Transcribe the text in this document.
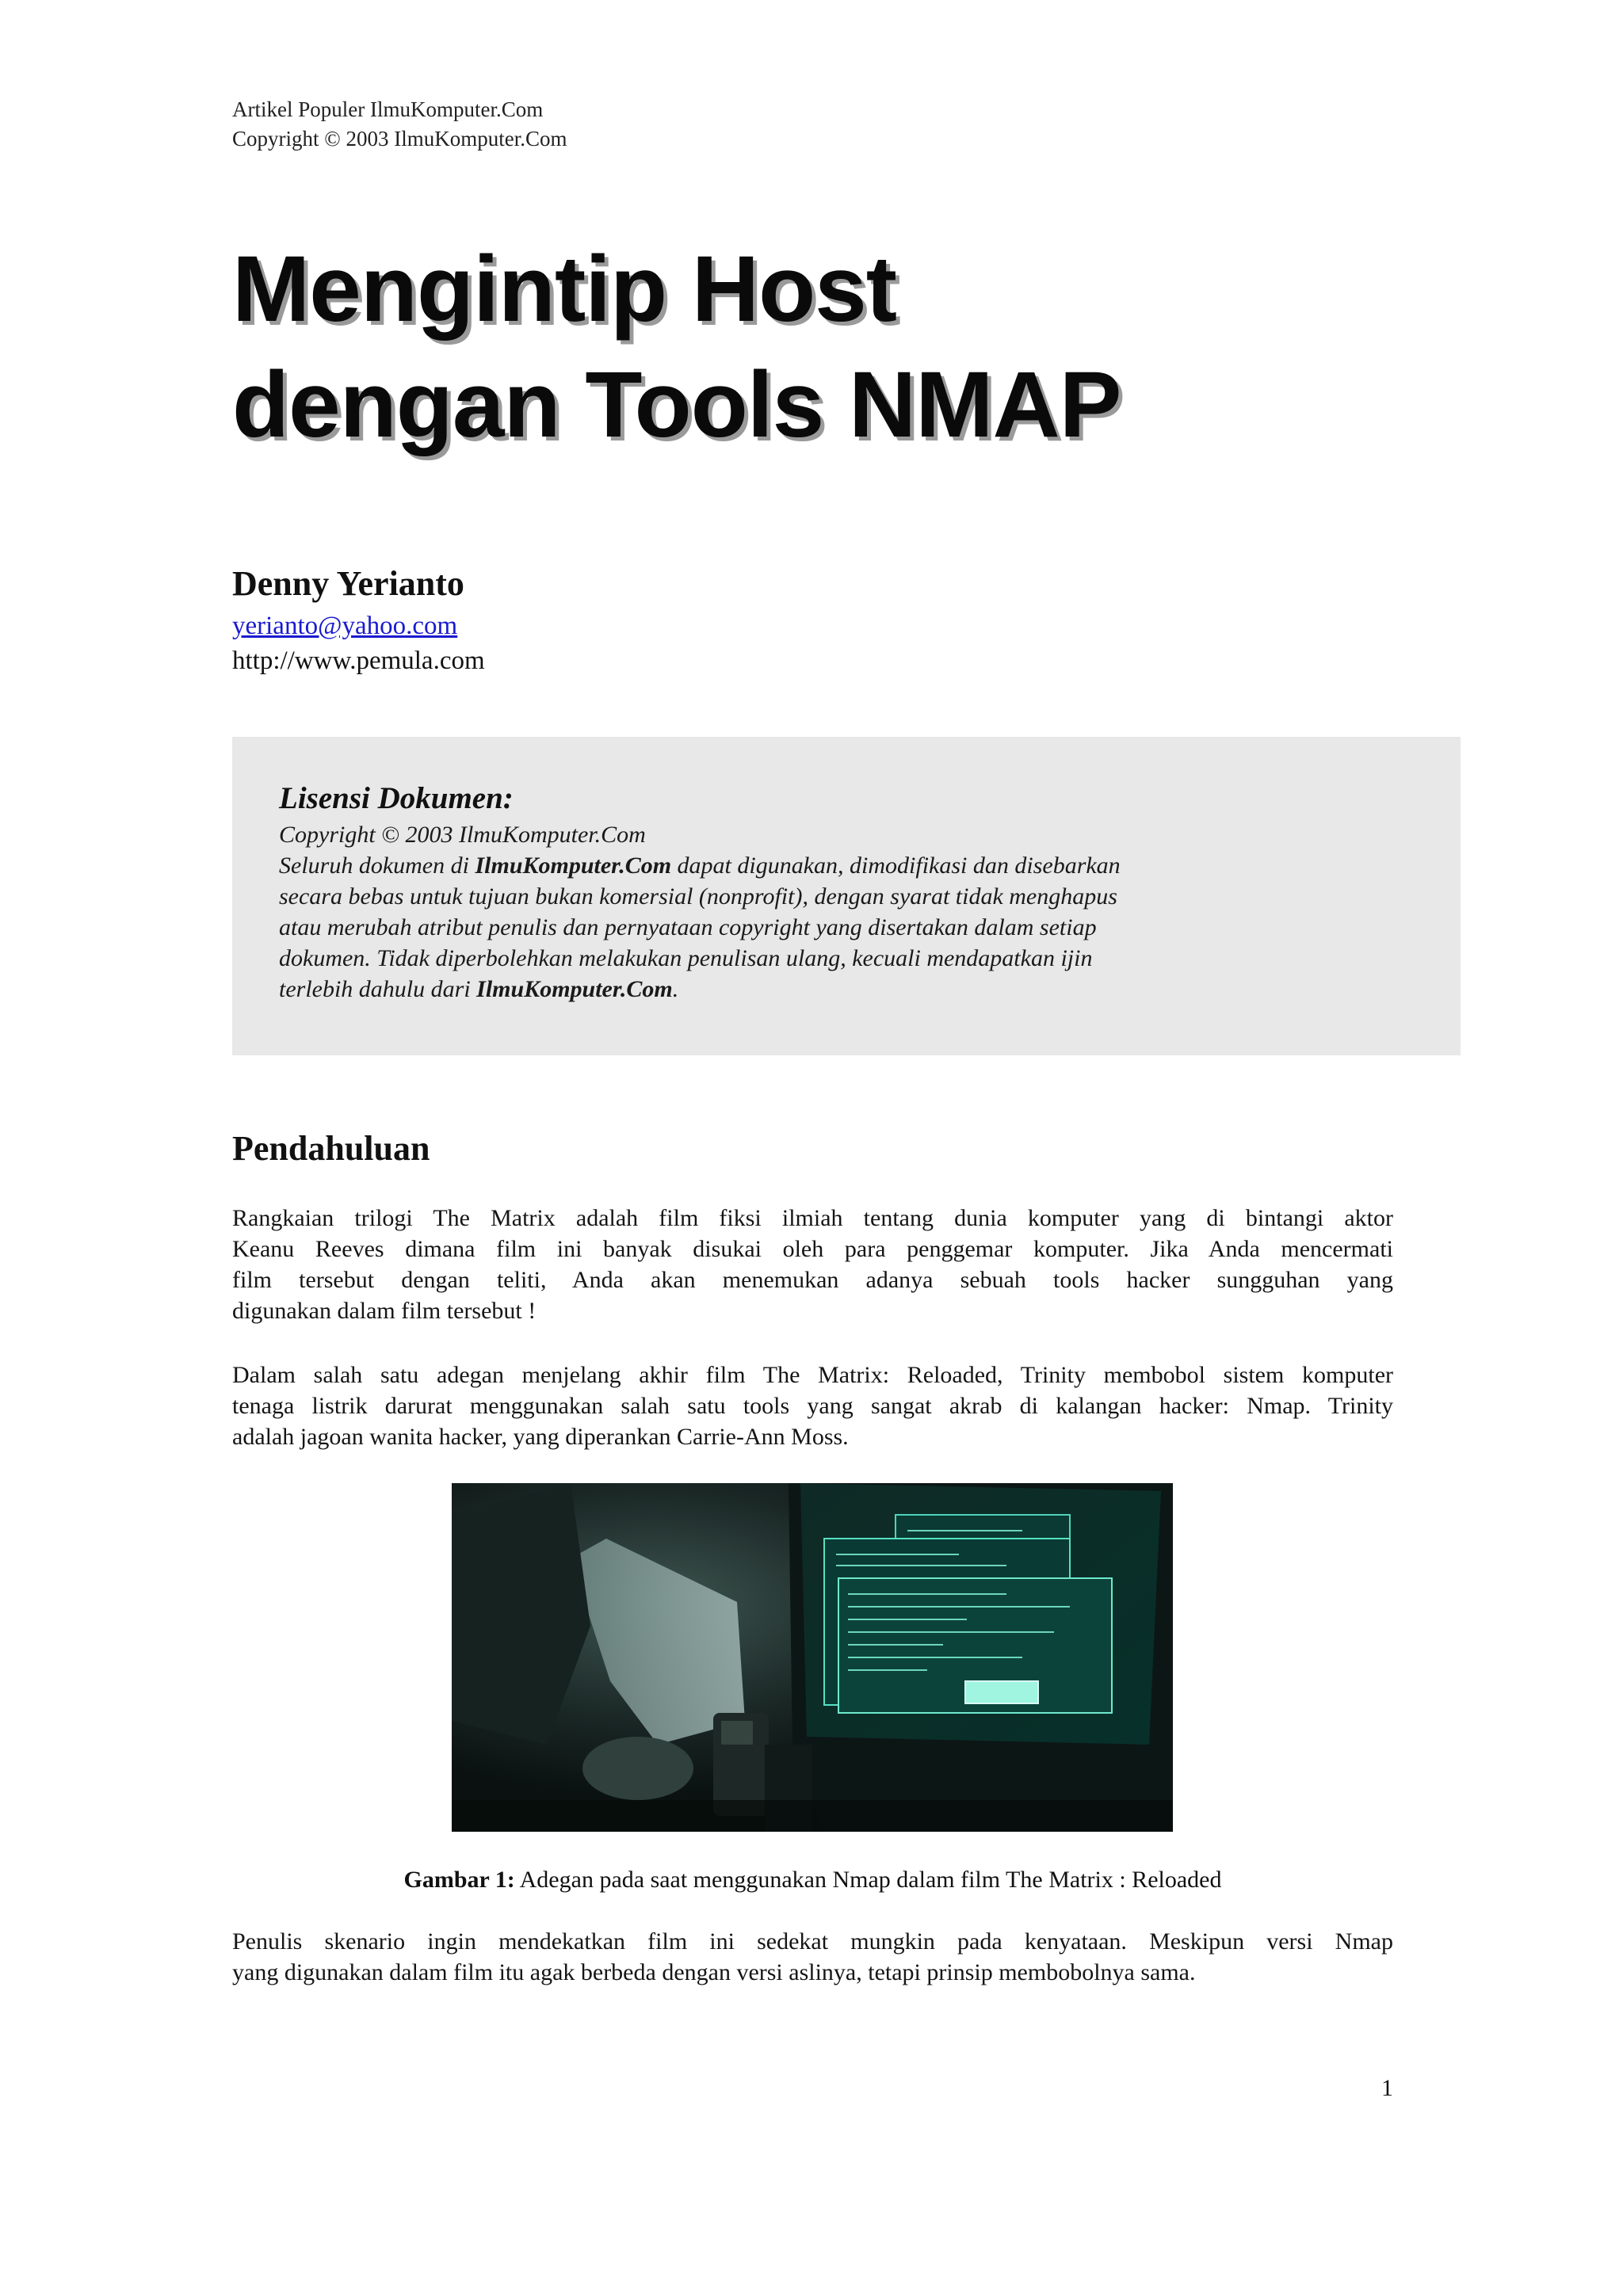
Artikel Populer IlmuKomputer.Com
Copyright © 2003 IlmuKomputer.Com
Mengintip Host
dengan Tools NMAP
Denny Yerianto
yerianto@yahoo.com
http://www.pemula.com
Lisensi Dokumen:
Copyright © 2003 IlmuKomputer.Com
Seluruh dokumen di IlmuKomputer.Com dapat digunakan, dimodifikasi dan disebarkan
secara bebas untuk tujuan bukan komersial (nonprofit), dengan syarat tidak menghapus
atau merubah atribut penulis dan pernyataan copyright yang disertakan dalam setiap
dokumen. Tidak diperbolehkan melakukan penulisan ulang, kecuali mendapatkan ijin
terlebih dahulu dari IlmuKomputer.Com.
Pendahuluan
Rangkaian trilogi The Matrix adalah film fiksi ilmiah tentang dunia komputer yang di bintangi aktor
Keanu Reeves dimana film ini banyak disukai oleh para penggemar komputer. Jika Anda mencermati
film tersebut dengan teliti, Anda akan menemukan adanya sebuah tools hacker sungguhan yang
digunakan dalam film tersebut !
Dalam salah satu adegan menjelang akhir film The Matrix: Reloaded, Trinity membobol sistem komputer
tenaga listrik darurat menggunakan salah satu tools yang sangat akrab di kalangan hacker: Nmap. Trinity
adalah jagoan wanita hacker, yang diperankan Carrie-Ann Moss.
Gambar 1: Adegan pada saat menggunakan Nmap dalam film The Matrix : Reloaded
Penulis skenario ingin mendekatkan film ini sedekat mungkin pada kenyataan. Meskipun versi Nmap
yang digunakan dalam film itu agak berbeda dengan versi aslinya, tetapi prinsip membobolnya sama.
1
